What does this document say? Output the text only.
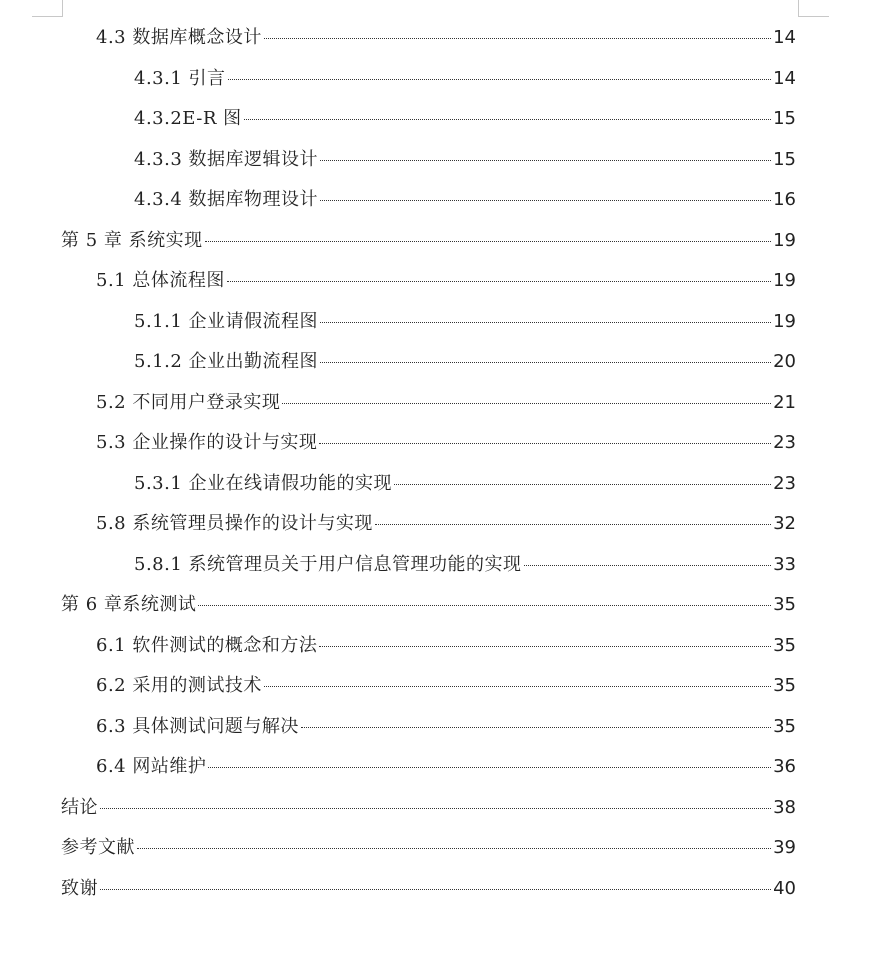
4.3 数据库概念设计	14
4.3.1 引言	14
4.3.2E-R 图	15
4.3.3 数据库逻辑设计	15
4.3.4 数据库物理设计	16
第 5 章 系统实现	19
5.1 总体流程图	19
5.1.1 企业请假流程图	19
5.1.2 企业出勤流程图	20
5.2 不同用户登录实现	21
5.3 企业操作的设计与实现	23
5.3.1 企业在线请假功能的实现	23
5.8 系统管理员操作的设计与实现	32
5.8.1 系统管理员关于用户信息管理功能的实现	33
第 6 章系统测试	35
6.1 软件测试的概念和方法	35
6.2 采用的测试技术	35
6.3 具体测试问题与解决	35
6.4 网站维护	36
结论	38
参考文献	39
致谢	40
